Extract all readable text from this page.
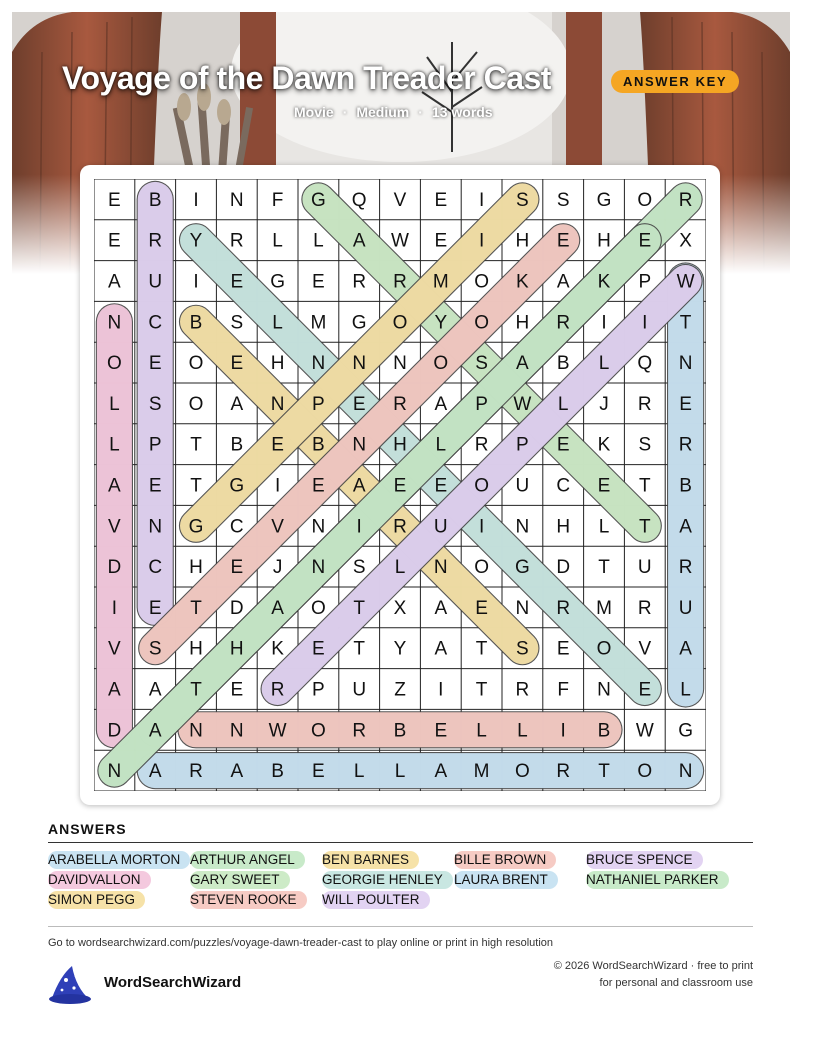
Voyage of the Dawn Treader Cast	ANSWER KEY
Movie · Medium · 13 words
E B I N F G Q V E I S S G O R
E R Y R L L A W E I H E H E X
A U I E G E R R M O K A K P W
N C B S L M G O Y O H R I I T
O E O E H N N N O S A B L Q N
L S O A N P E R A P W L J R E
L P T B E B N H L R P E K S R
A E T G I E A E E O U C E T B
V N G C V N I R U I N H L T A
D C H E J N S L N O G D T U R
I E T D A O T X A E N R M R U
V S H H K E T Y A T S E O V A
A A T E R P U Z I T R F N E L
D A N N W O R B E L L I B W G
N A R A B E L L A M O R T O N
ANSWERS
ARABELLA MORTON ARTHUR ANGEL	BEN BARNES	BILLE BROWN	BRUCE SPENCE
DAVIDVALLON	GARY SWEET	GEORGIE HENLEY LAURA BRENT	NATHANIEL PARKER
SIMON PEGG	STEVEN ROOKE	WILL POULTER
Go to wordsearchwizard.com/puzzles/voyage-dawn-treader-cast to play online or print in high resolution
WordSearchWizard
© 2026 WordSearchWizard · free to print for personal and classroom use
